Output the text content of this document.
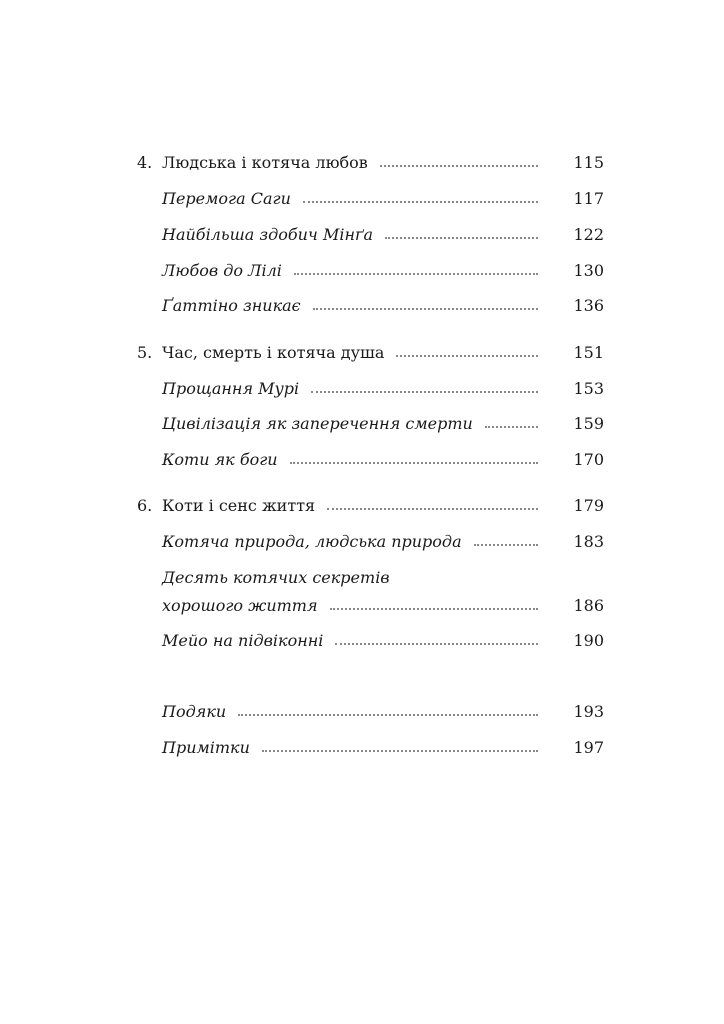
4. Людська і котяча любов	115
Перемога Саги	117
Найбільша здобич Мінґа	122
Любов до Лілі	130
Ґаттіно зникає	136
5. Час, смерть і котяча душа	151
Прощання Мурі	153
Цивілізація як заперечення смерти	159
Коти як боги	170
6. Коти і сенс життя	179
Котяча природа, людська природа	183
Десять котячих секретів
хорошого життя	186
Мейо на підвіконні	190
Подяки	193
Примітки	197
